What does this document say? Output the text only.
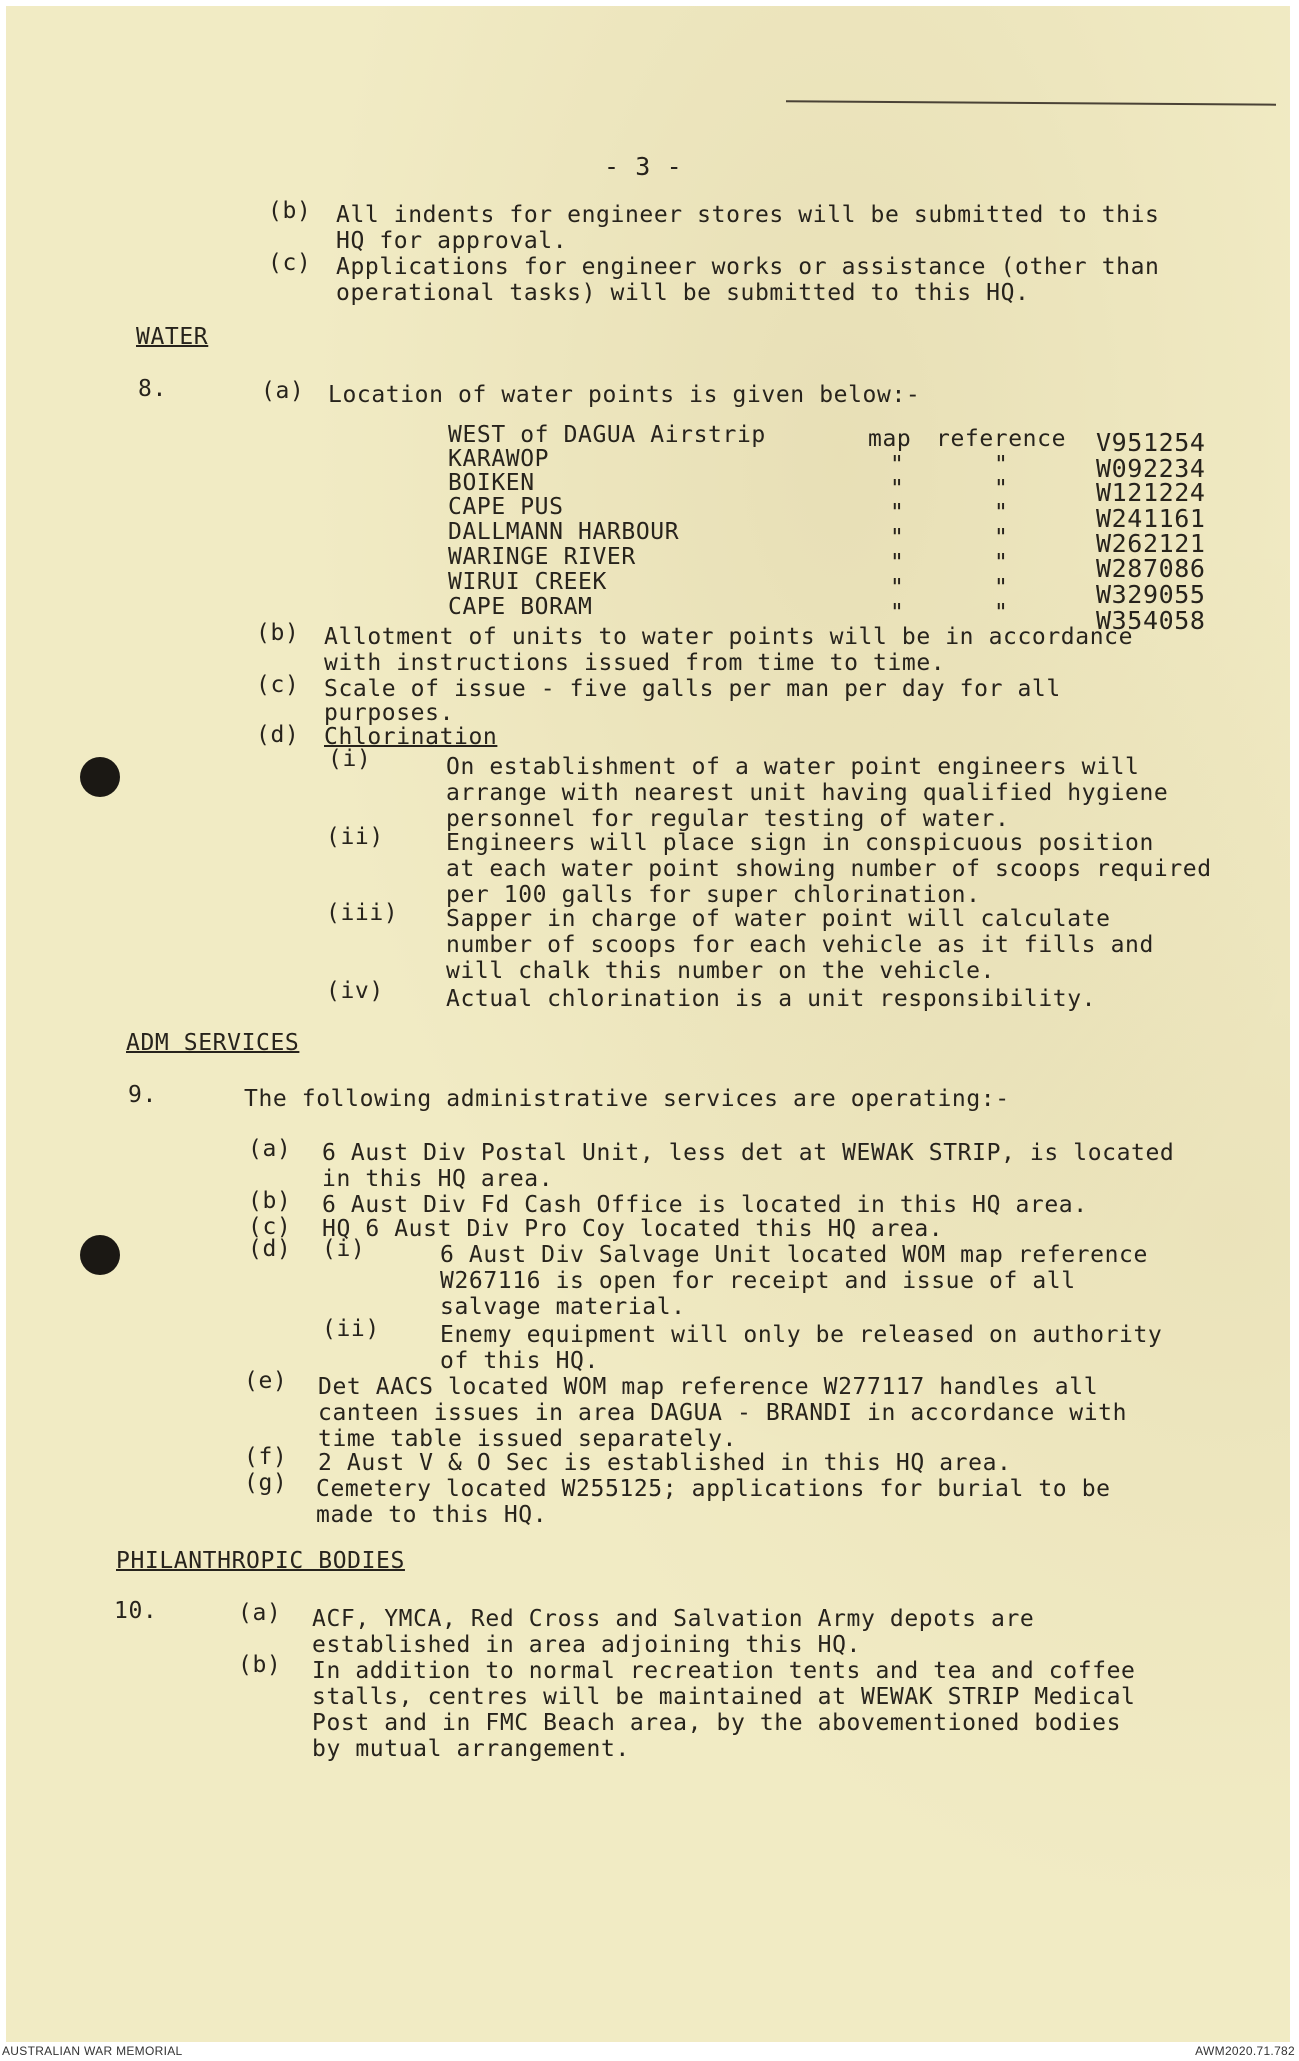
- 3 -
(b) All indents for engineer stores will be submitted to this
HQ for approval.
(c) Applications for engineer works or assistance (other than
operational tasks) will be submitted to this HQ.
WATER
8.	(a) Location of water points is given below:-
WEST of DAGUA Airstrip	map reference V951254
KARAWOP	"	"	W092234
BOIKEN	"	"	W121224
CAPE PUS	"	"	W241161
DALLMANN HARBOUR	"	"	W262121
WARINGE RIVER	"	"	W287086
WIRUI CREEK	"	"	W329055
CAPE BORAM	"	"	W354058
(b) Allotment of units to water points will be in accordance
with instructions issued from time to time.
(c) Scale of issue - five galls per man per day for all
purposes.
(d) Chlorination
(i)	On establishment of a water point engineers will
arrange with nearest unit having qualified hygiene
personnel for regular testing of water.
(ii)	Engineers will place sign in conspicuous position
at each water point showing number of scoops required
per 100 galls for super chlorination.
(iii) Sapper in charge of water point will calculate
number of scoops for each vehicle as it fills and
will chalk this number on the vehicle.
(iv)	Actual chlorination is a unit responsibility.
ADM SERVICES
9.	The following administrative services are operating:-
(a) 6 Aust Div Postal Unit, less det at WEWAK STRIP, is located
in this HQ area.
(b) 6 Aust Div Fd Cash Office is located in this HQ area.
(c) HQ 6 Aust Div Pro Coy located this HQ area.
(d) (i)	6 Aust Div Salvage Unit located WOM map reference
W267116 is open for receipt and issue of all
salvage material.
(ii)	Enemy equipment will only be released on authority
of this HQ.
(e) Det AACS located WOM map reference W277117 handles all
canteen issues in area DAGUA - BRANDI in accordance with
time table issued separately.
(f) 2 Aust V & O Sec is established in this HQ area.
(g) Cemetery located W255125; applications for burial to be
made to this HQ.
PHILANTHROPIC BODIES
10.	(a) ACF, YMCA, Red Cross and Salvation Army depots are
established in area adjoining this HQ.
(b) In addition to normal recreation tents and tea and coffee
stalls, centres will be maintained at WEWAK STRIP Medical
Post and in FMC Beach area, by the abovementioned bodies
by mutual arrangement.
AUSTRALIAN WAR MEMORIAL	AWM2020.71.782
